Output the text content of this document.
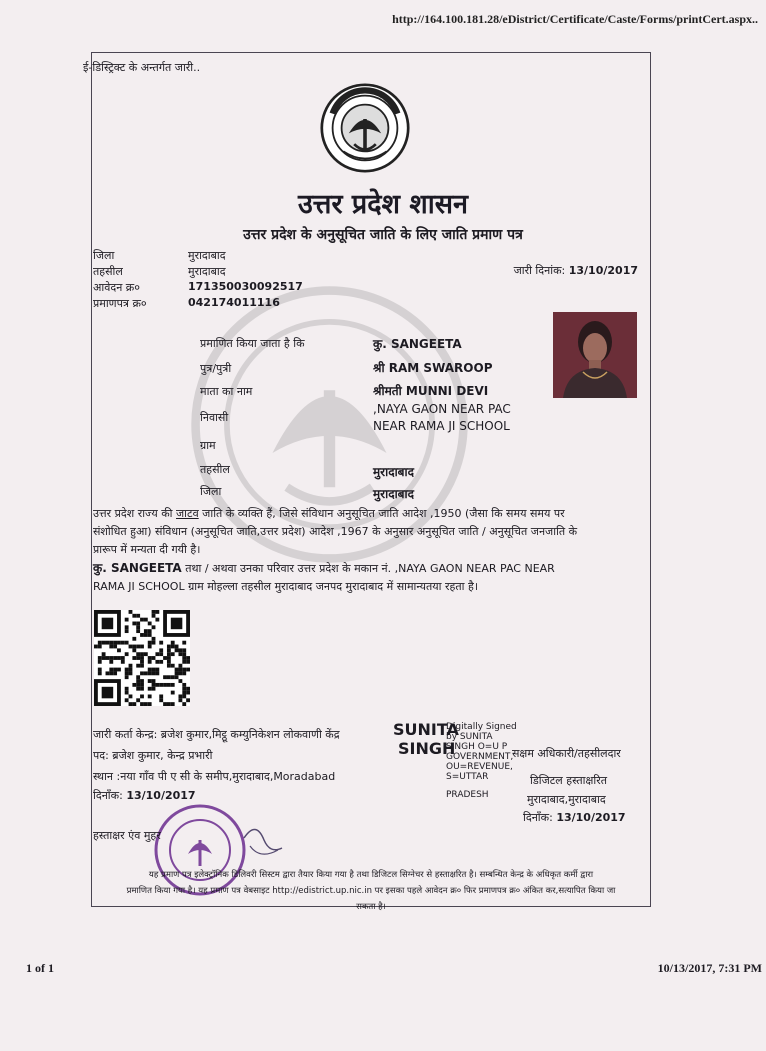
http://164.100.181.28/eDistrict/Certificate/Caste/Forms/printCert.aspx..
ई-डिस्ट्रिक्ट के अन्तर्गत जारी..
उत्तर प्रदेश शासन
उत्तर प्रदेश के अनुसूचित जाति के लिए जाति प्रमाण पत्र
जिला	मुरादाबाद
तहसील	मुरादाबाद
आवेदन क्र०	171350030092517
प्रमाणपत्र क्र०	042174011116
जारी दिनांक: 13/10/2017
प्रमाणित किया जाता है कि	कु. SANGEETA
पुत्र/पुत्री	श्री RAM SWAROOP
माता का नाम	श्रीमती MUNNI DEVI
निवासी
,NAYA GAON NEAR PAC
NEAR RAMA JI SCHOOL
ग्राम
तहसील	मुरादाबाद
जिला	मुरादाबाद
उत्तर प्रदेश राज्य की जाटव जाति के व्यक्ति हैं, जिसे संविधान अनुसूचित जाति आदेश ,1950 (जैसा कि समय समय पर
संशोधित हुआ) संविधान (अनुसूचित जाति,उत्तर प्रदेश) आदेश ,1967 के अनुसार अनुसूचित जाति / अनुसूचित जनजाति के
प्रारूप में मन्यता दी गयी है।
कु. SANGEETA तथा / अथवा उनका परिवार उत्तर प्रदेश के मकान नं. ,NAYA GAON NEAR PAC NEAR
RAMA JI SCHOOL ग्राम मोहल्ला तहसील मुरादाबाद जनपद मुरादाबाद में सामान्यतया रहता है।
जारी कर्ता केन्द्र: ब्रजेश कुमार,मिट्ठू कम्युनिकेशन लोकवाणी केंद्र
पद: ब्रजेश कुमार, केन्द्र प्रभारी
स्थान :नया गाँव पी ए सी के समीप,मुरादाबाद,Moradabad
दिनाँक: 13/10/2017
SUNITA
SINGH
Digitally Signed
by SUNITA
SINGH O=U P
GOVERNMENT,
OU=REVENUE,
S=UTTAR
PRADESH
सक्षम अधिकारी/तहसीलदार
डिजिटल हस्ताक्षरित
मुरादाबाद,मुरादाबाद
दिनाँक: 13/10/2017
हस्ताक्षर एंव मुहर
यह प्रमाण पत्र इलेक्ट्रॉनिक डिलिवरी सिस्टम द्वारा तैयार किया गया है तथा डिजिटल सिग्नेचर से हस्ताक्षरित है। सम्बन्धित केन्द्र के अधिकृत कर्मी द्वारा
प्रमाणित किया गया है। यह प्रमाण पत्र वेबसाइट http://edistrict.up.nic.in पर इसका पहले आवेदन क्र० फिर प्रमाणपत्र क्र० अंकित कर,सत्यापित किया जा
सकता है।
1 of 1	10/13/2017, 7:31 PM
